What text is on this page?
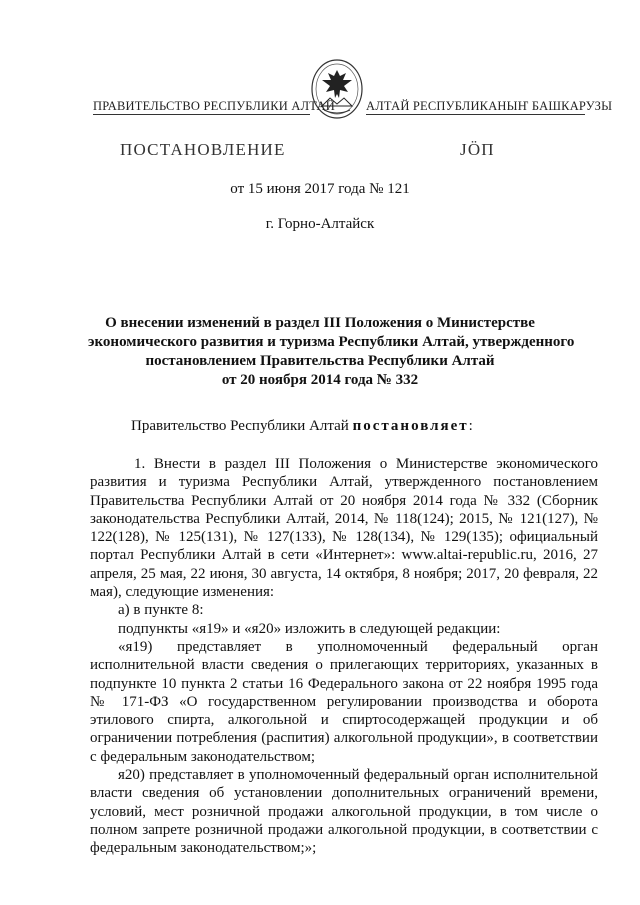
ПРАВИТЕЛЬСТВО РЕСПУБЛИКИ АЛТАЙ АЛТАЙ РЕСПУБЛИКАНЫҤ БАШКАРУЗЫ
ПОСТАНОВЛЕНИЕ	JӦП
от 15 июня 2017 года № 121
г. Горно-Алтайск
О внесении изменений в раздел III Положения о Министерстве
экономического развития и туризма Республики Алтай, утвержденного
постановлением Правительства Республики Алтай
от 20 ноября 2014 года № 332
Правительство Республики Алтай постановляет:

1. Внести в раздел III Положения о Министерстве экономического развития и туризма Республики Алтай, утвержденного постановлением Правительства Республики Алтай от 20 ноября 2014 года № 332 (Сборник законодательства Республики Алтай, 2014, № 118(124); 2015, № 121(127), № 122(128), № 125(131), № 127(133), № 128(134), № 129(135); официальный портал Республики Алтай в сети «Интернет»: www.altai-republic.ru, 2016, 27 апреля, 25 мая, 22 июня, 30 августа, 14 октября, 8 ноября; 2017, 20 февраля, 22 мая), следующие изменения:

а) в пункте 8:

подпункты «я19» и «я20» изложить в следующей редакции:

«я19) представляет в уполномоченный федеральный орган исполнительной власти сведения о прилегающих территориях, указанных в подпункте 10 пункта 2 статьи 16 Федерального закона от 22 ноября 1995 года № 171-ФЗ «О государственном регулировании производства и оборота этилового спирта, алкогольной и спиртосодержащей продукции и об ограничении потребления (распития) алкогольной продукции», в соответствии с федеральным законодательством;

я20) представляет в уполномоченный федеральный орган исполнительной власти сведения об установлении дополнительных ограничений времени, условий, мест розничной продажи алкогольной продукции, в том числе о полном запрете розничной продажи алкогольной продукции, в соответствии с федеральным законодательством;»;
